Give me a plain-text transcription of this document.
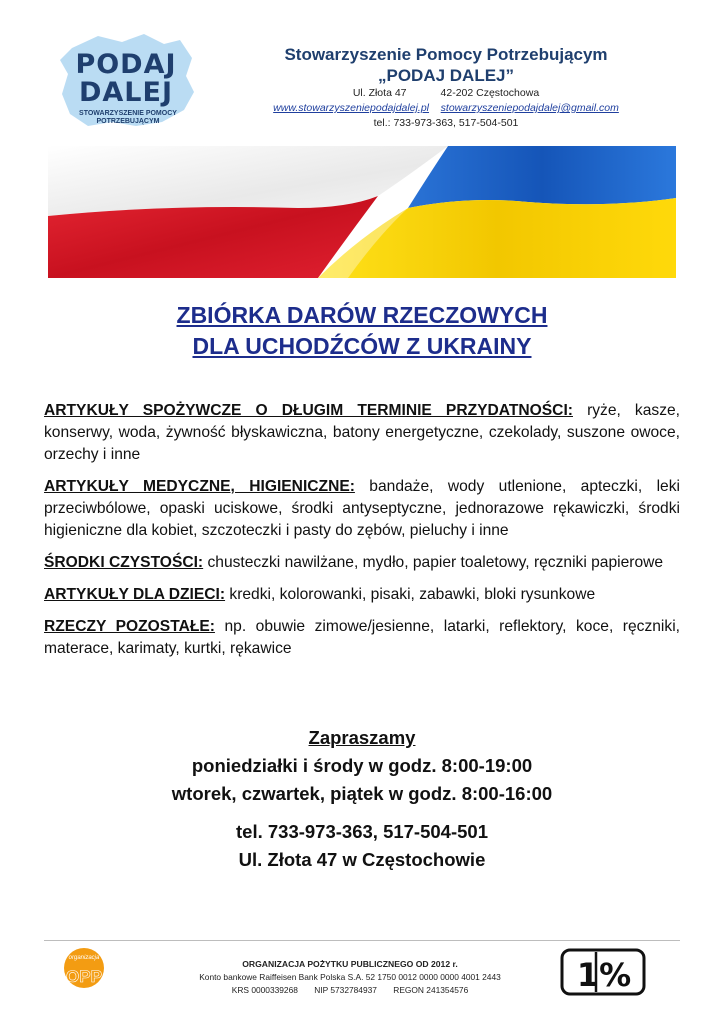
PODAJ
DALEJ
STOWARZYSZENIE POMOCY
POTRZEBUJĄCYM
Stowarzyszenie Pomocy Potrzebującym
„PODAJ DALEJ”
Ul. Złota 47	42-202 Częstochowa
www.stowarzyszeniepodajdalej.pl stowarzyszeniepodajdalej@gmail.com
tel.: 733-973-363, 517-504-501
ZBIÓRKA DARÓW RZECZOWYCH
DLA UCHODŹCÓW Z UKRAINY
ARTYKUŁY SPOŻYWCZE O DŁUGIM TERMINIE PRZYDATNOŚCI: ryże, kasze, konserwy, woda, żywność błyskawiczna, batony energetyczne, czekolady, suszone owoce, orzechy i inne
ARTYKUŁY MEDYCZNE, HIGIENICZNE: bandaże, wody utlenione, apteczki, leki przeciwbólowe, opaski uciskowe, środki antyseptyczne, jednorazowe rękawiczki, środki higieniczne dla kobiet, szczoteczki i pasty do zębów, pieluchy i inne
ŚRODKI CZYSTOŚCI: chusteczki nawilżane, mydło, papier toaletowy, ręczniki papierowe
ARTYKUŁY DLA DZIECI: kredki, kolorowanki, pisaki, zabawki, bloki rysunkowe
RZECZY POZOSTAŁE: np. obuwie zimowe/jesienne, latarki, reflektory, koce, ręczniki, materace, karimaty, kurtki, rękawice
Zapraszamy
poniedziałki i środy w godz. 8:00-19:00
wtorek, czwartek, piątek w godz. 8:00-16:00
tel. 733-973-363, 517-504-501
Ul. Złota 47 w Częstochowie
organizacja
OPP
ORGANIZACJA POŻYTKU PUBLICZNEGO OD 2012 r.
Konto bankowe Raiffeisen Bank Polska S.A. 52 1750 0012 0000 0000 4001 2443
KRS 0000339268 NIP 5732784937 REGON 241354576	1%
